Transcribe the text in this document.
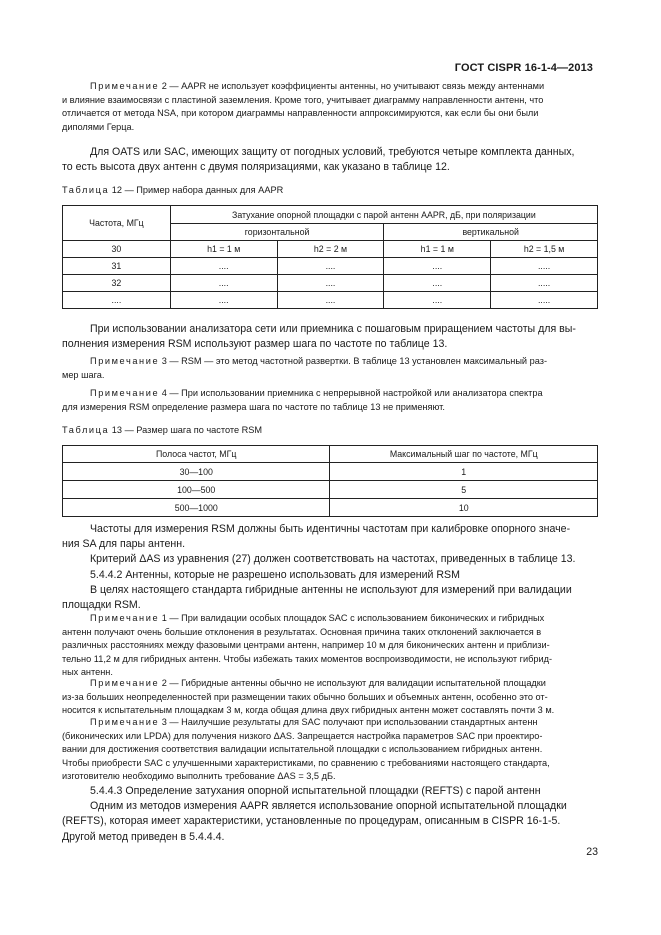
ГОСТ CISPR 16-1-4—2013
Примечание 2 — AAPR не использует коэффициенты антенны, но учитывают связь между антеннами
и влияние взаимосвязи с пластиной заземления. Кроме того, учитывает диаграмму направленности антенн, что
отличается от метода NSA, при котором диаграммы направленности аппроксимируются, как если бы они были
диполями Герца.
Для OATS или SAC, имеющих защиту от погодных условий, требуются четыре комплекта данных,
то есть высота двух антенн с двумя поляризациями, как указано в таблице 12.
Таблица 12 — Пример набора данных для AAPR
Частота, МГц	Затухание опорной площадки с парой антенн AAPR, дБ, при поляризации			
	горизонтальной		вертикальной	
30	h1 = 1 м	h2 = 2 м	h1 = 1 м	h2 = 1,5 м
31	....	....	....	.....
32	....	....	....	.....
....	....	....	....	.....
При использовании анализатора сети или приемника с пошаговым приращением частоты для вы-
полнения измерения RSM используют размер шага по частоте по таблице 13.
Примечание 3 — RSM — это метод частотной развертки. В таблице 13 установлен максимальный раз-
мер шага.
Примечание 4 — При использовании приемника с непрерывной настройкой или анализатора спектра
для измерения RSM определение размера шага по частоте по таблице 13 не применяют.
Таблица 13 — Размер шага по частоте RSM
Полоса частот, МГц	Максимальный шаг по частоте, МГц
30—100	1
100—500	5
500—1000	10
Частоты для измерения RSM должны быть идентичны частотам при калибровке опорного значе-
ния SA для пары антенн.
Критерий ΔAS из уравнения (27) должен соответствовать на частотах, приведенных в таблице 13.
5.4.4.2 Антенны, которые не разрешено использовать для измерений RSM
В целях настоящего стандарта гибридные антенны не используют для измерений при валидации
площадки RSM.
Примечание 1 — При валидации особых площадок SAC с использованием биконических и гибридных
антенн получают очень большие отклонения в результатах. Основная причина таких отклонений заключается в
различных расстояниях между фазовыми центрами антенн, например 10 м для биконических антенн и приблизи-
тельно 11,2 м для гибридных антенн. Чтобы избежать таких моментов воспроизводимости, не используют гибрид-
ных антенн.
Примечание 2 — Гибридные антенны обычно не используют для валидации испытательной площадки
из-за больших неопределенностей при размещении таких обычно больших и объемных антенн, особенно это от-
носится к испытательным площадкам 3 м, когда общая длина двух гибридных антенн может составлять почти 3 м.
Примечание 3 — Наилучшие результаты для SAC получают при использовании стандартных антенн
(биконических или LPDA) для получения низкого ΔAS. Запрещается настройка параметров SAC при проектиро-
вании для достижения соответствия валидации испытательной площадки с использованием гибридных антенн.
Чтобы приобрести SAC с улучшенными характеристиками, по сравнению с требованиями настоящего стандарта,
изготовителю необходимо выполнить требование ΔAS = 3,5 дБ.
5.4.4.3 Определение затухания опорной испытательной площадки (REFTS) с парой антенн
Одним из методов измерения AAPR является использование опорной испытательной площадки
(REFTS), которая имеет характеристики, установленные по процедурам, описанным в CISPR 16-1-5.
Другой метод приведен в 5.4.4.4.
23
